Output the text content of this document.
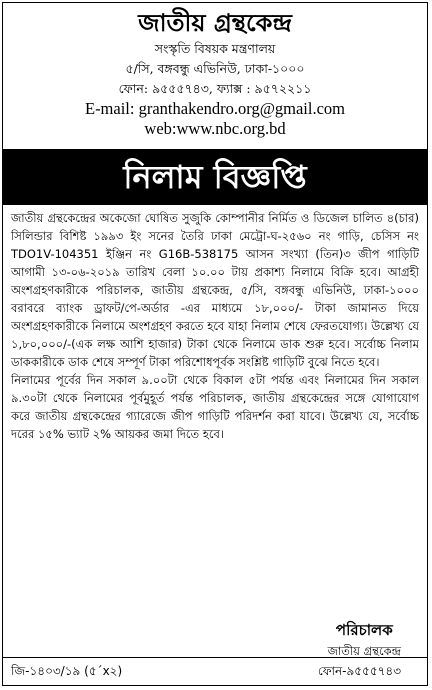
জাতীয় গ্রন্থকেন্দ্র
সংস্কৃতি বিষয়ক মন্ত্রণালয়
৫/সি, বঙ্গবন্ধু এভিনিউ, ঢাকা-১০০০
ফোন: ৯৫৫৫৭৪৩, ফ্যাক্স : ৯৫৭২২১১
E-mail: granthakendro.org@gmail.com
web:www.nbc.org.bd
নিলাম বিজ্ঞপ্তি

জাতীয় গ্রন্থকেন্দ্রের অকেজো ঘোষিত সুজুকি কোম্পানীর নির্মিত ও ডিজেল চালিত ৪(চার) সিলিন্ডার বিশিষ্ট ১৯৯৩ ইং সনের তৈরি ঢাকা মেট্রো-ঘ-২৫৬০ নং গাড়ি, চেসিস নং TDO1V-104351 ইঞ্জিন নং G16B-538175 আসন সংখ্যা (তিন)৩ জীপ গাড়িটি আগামী ১৩-০৬-২০১৯ তারিখ বেলা ১০.০০ টায় প্রকাশ্য নিলামে বিক্রি হবে। আগ্রহী অংশগ্রহণকারীকে পরিচালক, জাতীয় গ্রন্থকেন্দ্র, ৫/সি, বঙ্গবন্ধু এভিনিউ, ঢাকা-১০০০ বরাবরে ব্যাংক ড্রাফট/পে-অর্ডার -এর মাধ্যমে ১৮,০০০/- টাকা জামানত দিয়ে অংশগ্রহণকারীকে নিলামে অংশগ্রহণ করতে হবে যাহা নিলাম শেষে ফেরতযোগ্য। উল্লেখ্য যে ১,৮০,০০০/-(এক লক্ষ আশি হাজার) টাকা থেকে নিলামে ডাক শুরু হবে। সর্বোচ্চ নিলাম ডাককারীকে ডাক শেষে সম্পূর্ণ টাকা পরিশোধপূর্বক সংশ্লিষ্ট গাড়িটি বুঝে নিতে হবে।

নিলামের পূর্বের দিন সকাল ৯.০০টা থেকে বিকাল ৫টা পর্যন্ত এবং নিলামের দিন সকাল ৯.৩০টা থেকে নিলামের পূর্বমুহূর্ত পর্যন্ত পরিচালক, জাতীয় গ্রন্থকেন্দ্রের সঙ্গে যোগাযোগ করে জাতীয় গ্রন্থকেন্দ্রের গ্যারেজে জীপ গাড়িটি পরিদর্শন করা যাবে। উল্লেখ্য যে, সর্বোচ্চ দরের ১৫% ভ্যাট ২% আয়কর জমা দিতে হবে।

পরিচালক
জাতীয় গ্রন্থকেন্দ্র
জি-১৪০৩/১৯ (৫´x২)	ফোন-৯৫৫৫৭৪৩
